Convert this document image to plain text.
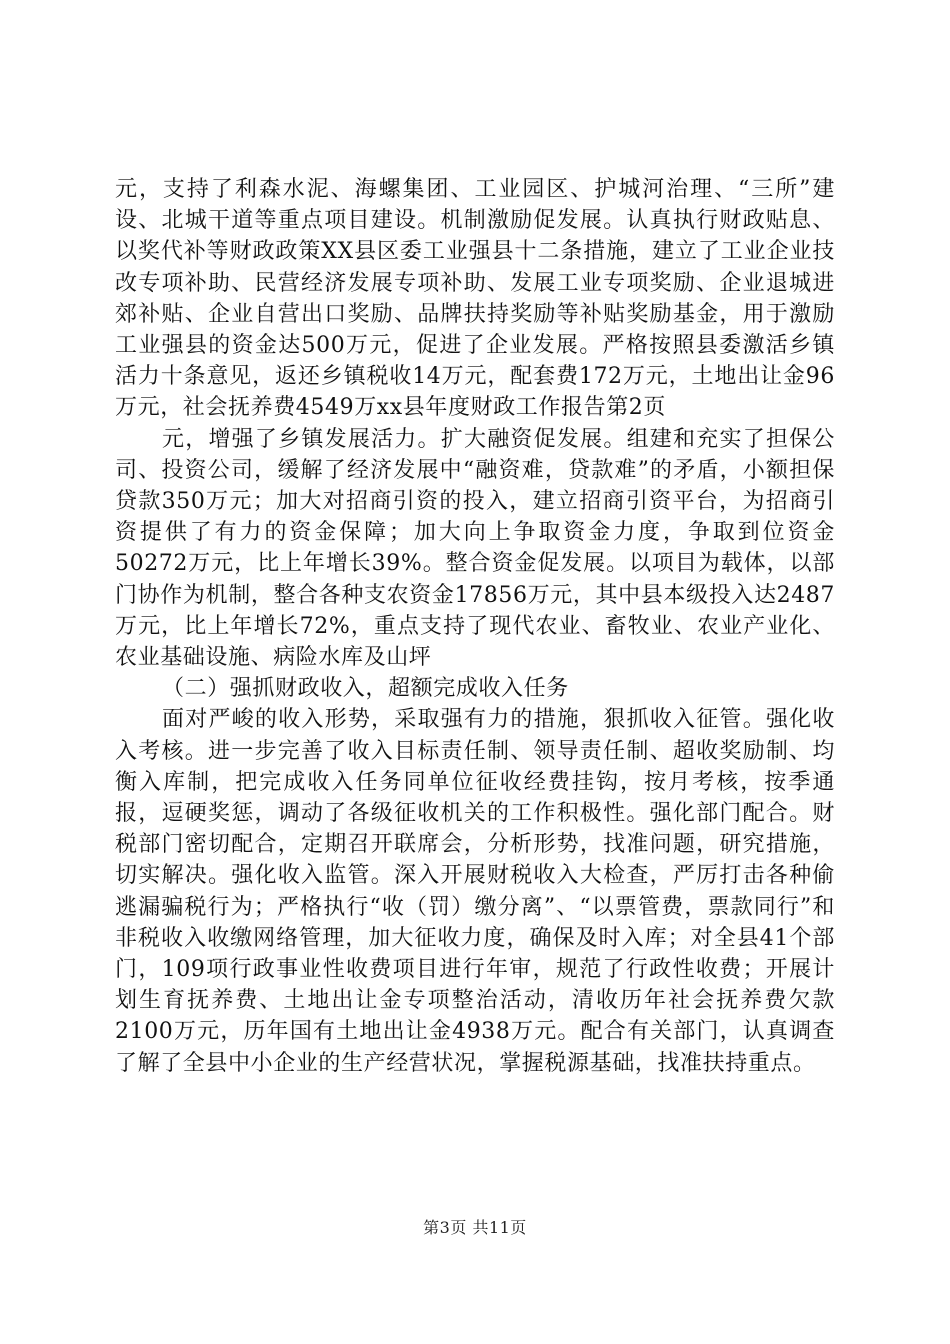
元，支持了利森水泥、海螺集团、工业园区、护城河治理、“三所”建设、北城干道等重点项目建设。机制激励促发展。认真执行财政贴息、以奖代补等财政政策XX县区委工业强县十二条措施，建立了工业企业技改专项补助、民营经济发展专项补助、发展工业专项奖励、企业退城进郊补贴、企业自营出口奖励、品牌扶持奖励等补贴奖励基金，用于激励工业强县的资金达500万元，促进了企业发展。严格按照县委激活乡镇活力十条意见，返还乡镇税收14万元，配套费172万元，土地出让金96万元，社会抚养费4549万xx县年度财政工作报告第2页

元，增强了乡镇发展活力。扩大融资促发展。组建和充实了担保公司、投资公司，缓解了经济发展中“融资难，贷款难”的矛盾，小额担保贷款350万元；加大对招商引资的投入，建立招商引资平台，为招商引资提供了有力的资金保障；加大向上争取资金力度，争取到位资金50272万元，比上年增长39%。整合资金促发展。以项目为载体，以部门协作为机制，整合各种支农资金17856万元，其中县本级投入达2487万元，比上年增长72%，重点支持了现代农业、畜牧业、农业产业化、农业基础设施、病险水库及山坪

（二）强抓财政收入，超额完成收入任务

面对严峻的收入形势，采取强有力的措施，狠抓收入征管。强化收入考核。进一步完善了收入目标责任制、领导责任制、超收奖励制、均衡入库制，把完成收入任务同单位征收经费挂钩，按月考核，按季通报，逗硬奖惩，调动了各级征收机关的工作积极性。强化部门配合。财税部门密切配合，定期召开联席会，分析形势，找准问题，研究措施，切实解决。强化收入监管。深入开展财税收入大检查，严厉打击各种偷逃漏骗税行为；严格执行“收（罚）缴分离”、“以票管费，票款同行”和非税收入收缴网络管理，加大征收力度，确保及时入库；对全县41个部门，109项行政事业性收费项目进行年审，规范了行政性收费；开展计划生育抚养费、土地出让金专项整治活动，清收历年社会抚养费欠款2100万元，历年国有土地出让金4938万元。配合有关部门，认真调查了解了全县中小企业的生产经营状况，掌握税源基础，找准扶持重点。

第3页 共11页
